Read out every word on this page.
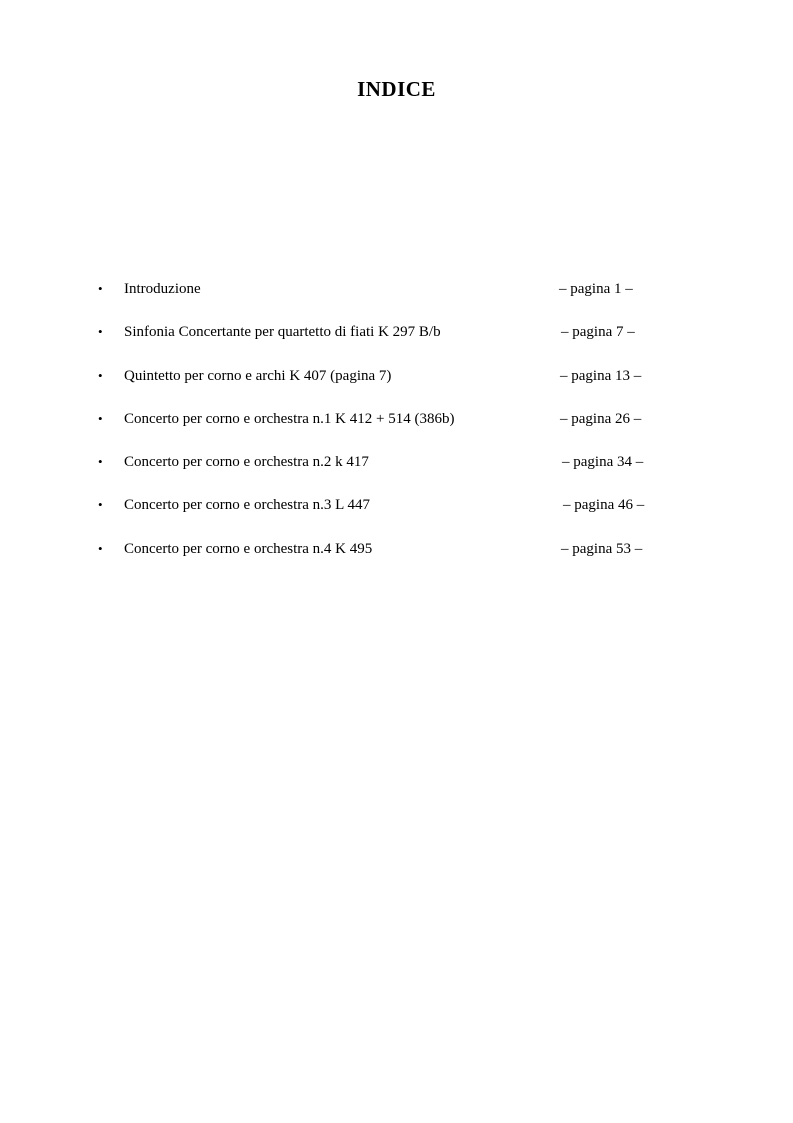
INDICE
• Introduzione	– pagina 1 –
• Sinfonia Concertante per quartetto di fiati K 297 B/b	– pagina 7 –
• Quintetto per corno e archi K 407 (pagina 7)	– pagina 13 –
• Concerto per corno e orchestra n.1 K 412 + 514 (386b)	– pagina 26 –
• Concerto per corno e orchestra n.2 k 417	– pagina 34 –
• Concerto per corno e orchestra n.3 L 447	– pagina 46 –
• Concerto per corno e orchestra n.4 K 495	– pagina 53 –
